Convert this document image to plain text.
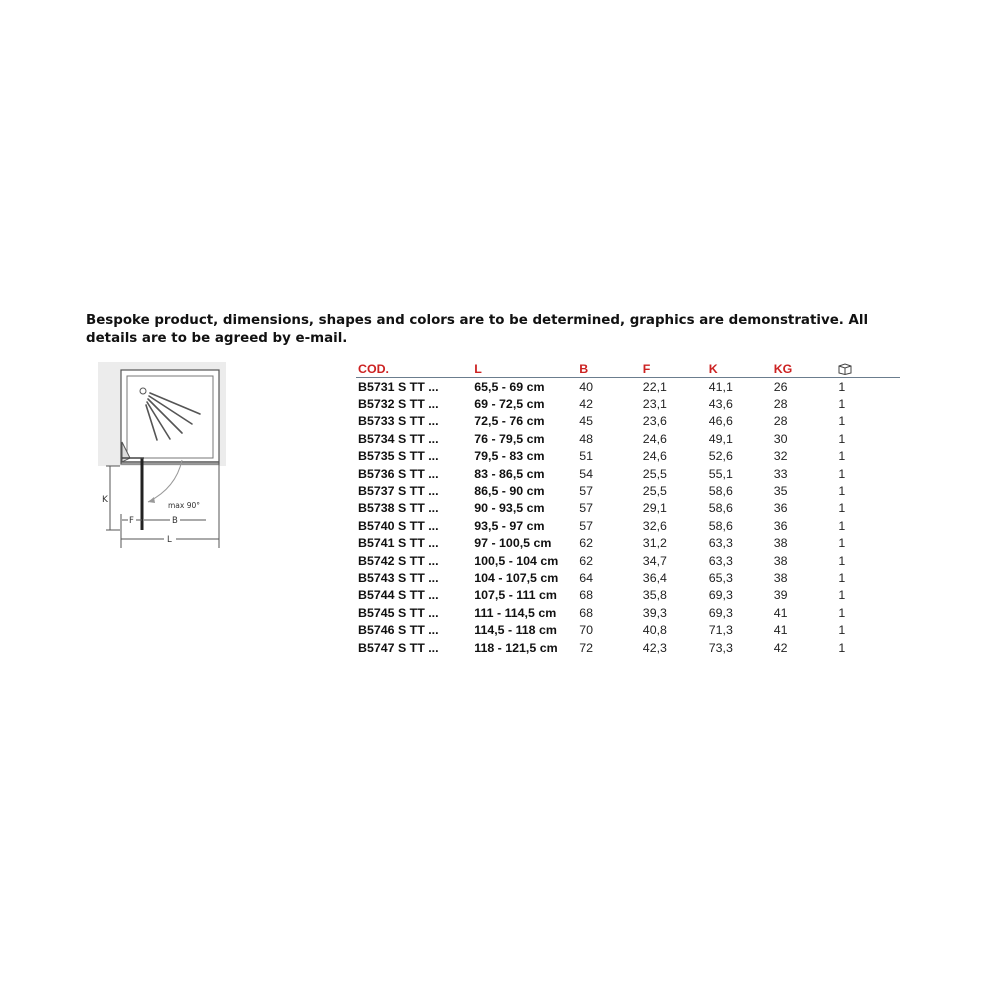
Bespoke product, dimensions, shapes and colors are to be determined, graphics are demonstrative. All details are to be agreed by e-mail.
max 90°
K
F	B
L
COD.	L	B	F	K	KG	
B5731 S TT ...	65,5 - 69 cm	40	22,1	41,1	26	1
B5732 S TT ...	69 - 72,5 cm	42	23,1	43,6	28	1
B5733 S TT ...	72,5 - 76 cm	45	23,6	46,6	28	1
B5734 S TT ...	76 - 79,5 cm	48	24,6	49,1	30	1
B5735 S TT ...	79,5 - 83 cm	51	24,6	52,6	32	1
B5736 S TT ...	83 - 86,5 cm	54	25,5	55,1	33	1
B5737 S TT ...	86,5 - 90 cm	57	25,5	58,6	35	1
B5738 S TT ...	90 - 93,5 cm	57	29,1	58,6	36	1
B5740 S TT ...	93,5 - 97 cm	57	32,6	58,6	36	1
B5741 S TT ...	97 - 100,5 cm	62	31,2	63,3	38	1
B5742 S TT ...	100,5 - 104 cm	62	34,7	63,3	38	1
B5743 S TT ...	104 - 107,5 cm	64	36,4	65,3	38	1
B5744 S TT ...	107,5 - 111 cm	68	35,8	69,3	39	1
B5745 S TT ...	111 - 114,5 cm	68	39,3	69,3	41	1
B5746 S TT ...	114,5 - 118 cm	70	40,8	71,3	41	1
B5747 S TT ...	118 - 121,5 cm	72	42,3	73,3	42	1
